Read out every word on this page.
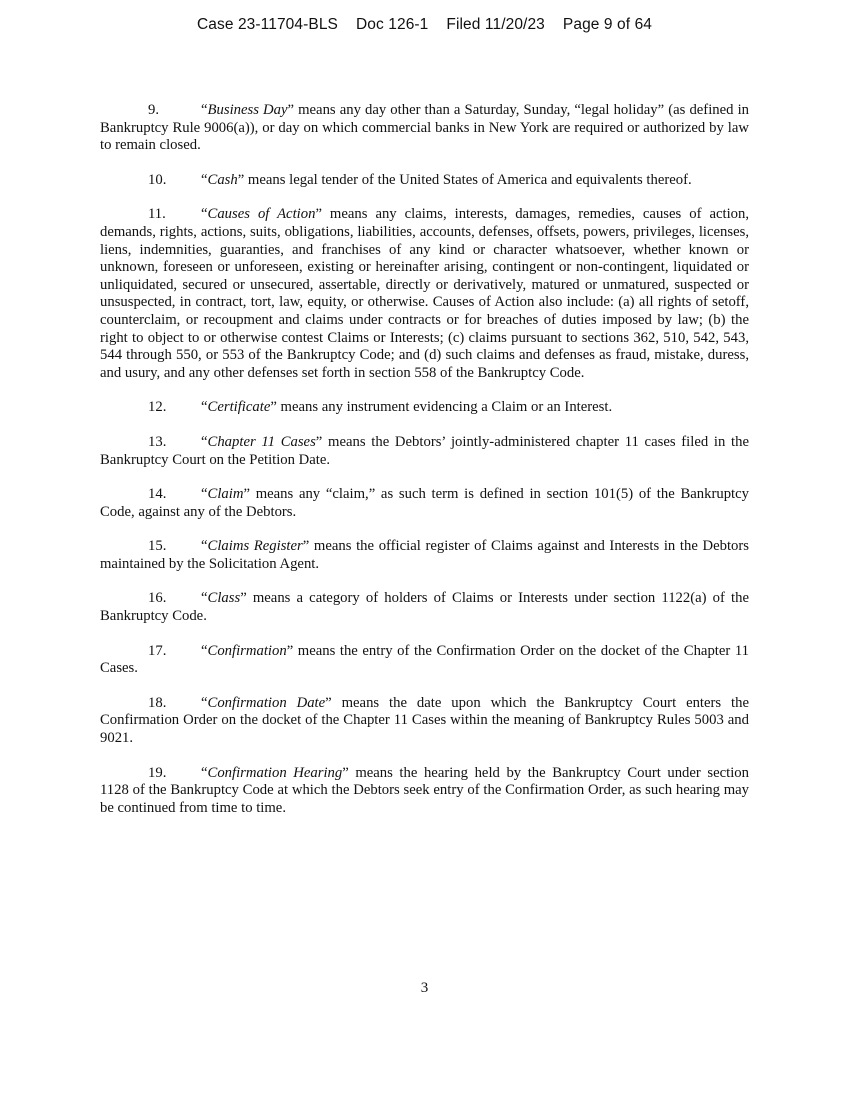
Case 23-11704-BLS Doc 126-1 Filed 11/20/23 Page 9 of 64

9.	“Business Day” means any day other than a Saturday, Sunday, “legal holiday” (as defined in Bankruptcy Rule 9006(a)), or day on which commercial banks in New York are required or authorized by law to remain closed.

10. “Cash” means legal tender of the United States of America and equivalents thereof.

11. “Causes of Action” means any claims, interests, damages, remedies, causes of action, demands, rights, actions, suits, obligations, liabilities, accounts, defenses, offsets, powers, privileges, licenses, liens, indemnities, guaranties, and franchises of any kind or character whatsoever, whether known or unknown, foreseen or unforeseen, existing or hereinafter arising, contingent or non-contingent, liquidated or unliquidated, secured or unsecured, assertable, directly or derivatively, matured or unmatured, suspected or unsuspected, in contract, tort, law, equity, or otherwise. Causes of Action also include: (a) all rights of setoff, counterclaim, or recoupment and claims under contracts or for breaches of duties imposed by law; (b) the right to object to or otherwise contest Claims or Interests; (c) claims pursuant to sections 362, 510, 542, 543, 544 through 550, or 553 of the Bankruptcy Code; and (d) such claims and defenses as fraud, mistake, duress, and usury, and any other defenses set forth in section 558 of the Bankruptcy Code.

12. “Certificate” means any instrument evidencing a Claim or an Interest.

13. “Chapter 11 Cases” means the Debtors’ jointly-administered chapter 11 cases filed in the Bankruptcy Court on the Petition Date.

14. “Claim” means any “claim,” as such term is defined in section 101(5) of the Bankruptcy Code, against any of the Debtors.

15. “Claims Register” means the official register of Claims against and Interests in the Debtors maintained by the Solicitation Agent.

16. “Class” means a category of holders of Claims or Interests under section 1122(a) of the Bankruptcy Code.

17. “Confirmation” means the entry of the Confirmation Order on the docket of the Chapter 11 Cases.

18. “Confirmation Date” means the date upon which the Bankruptcy Court enters the Confirmation Order on the docket of the Chapter 11 Cases within the meaning of Bankruptcy Rules 5003 and 9021.

19. “Confirmation Hearing” means the hearing held by the Bankruptcy Court under section 1128 of the Bankruptcy Code at which the Debtors seek entry of the Confirmation Order, as such hearing may be continued from time to time.

3
